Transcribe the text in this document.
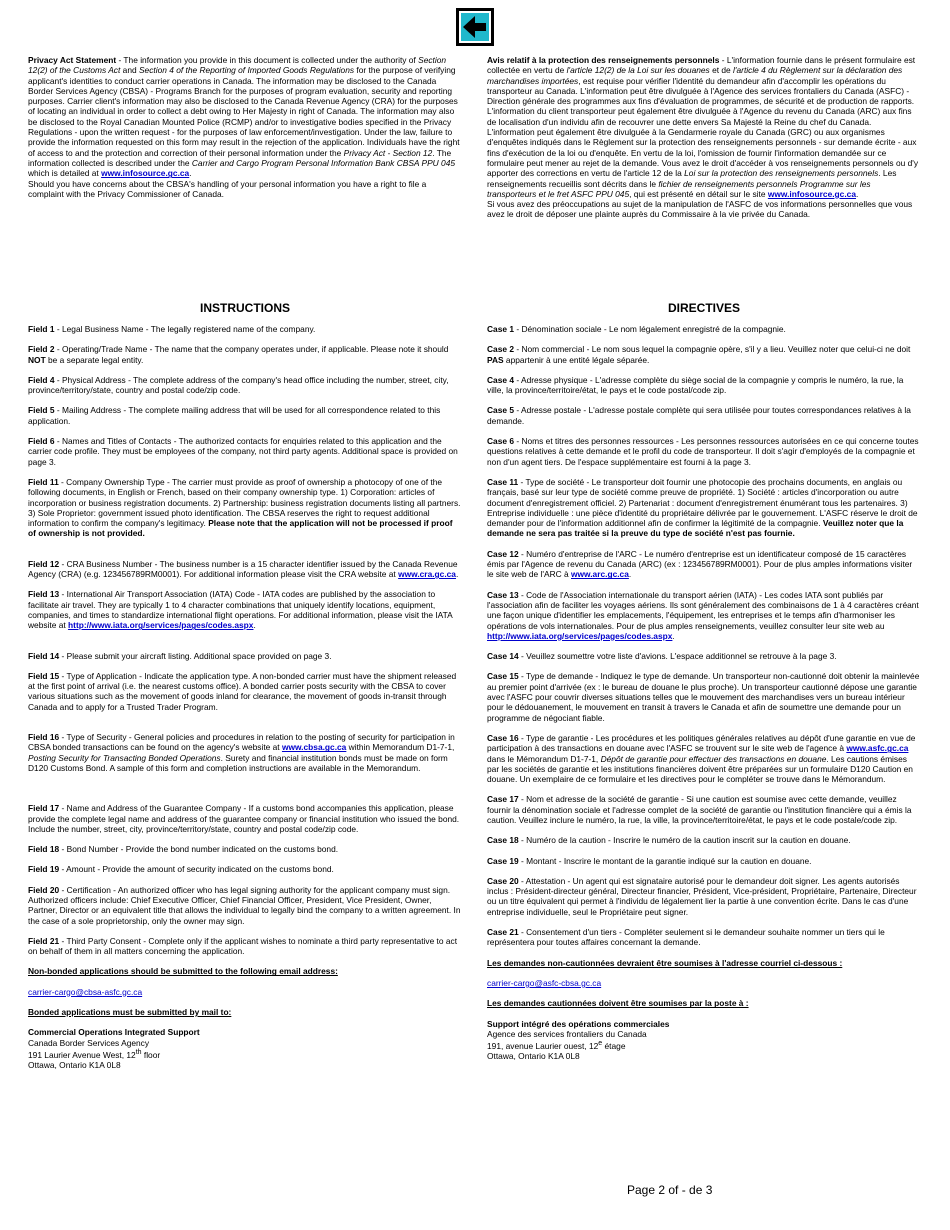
Privacy Act Statement - The information you provide in this document is collected under the authority of Section 12(2) of the Customs Act and Section 4 of the Reporting of Imported Goods Regulations for the purpose of verifying applicant's identities to conduct carrier operations in Canada. The information may be disclosed to the Canada Border Services Agency (CBSA) - Programs Branch for the purposes of program evaluation, security and reporting purposes. Carrier client's information may also be disclosed to the Canada Revenue Agency (CRA) for the purposes of locating an individual in order to collect a debt owing to Her Majesty in right of Canada. The information may also be disclosed to the Royal Canadian Mounted Police (RCMP) and/or to investigative bodies specified in the Privacy Regulations - upon the written request - for the purposes of law enforcement/investigation. Under the law, failure to provide the information requested on this form may result in the rejection of the application. Individuals have the right of access to and the protection and correction of their personal information under the Privacy Act - Section 12. The information collected is described under the Carrier and Cargo Program Personal Information Bank CBSA PPU 045 which is detailed at www.infosource.gc.ca.
Should you have concerns about the CBSA's handling of your personal information you have a right to file a complaint with the Privacy Commissioner of Canada.
Avis relatif à la protection des renseignements personnels - L'information fournie dans le présent formulaire est collectée en vertu de l'article 12(2) de la Loi sur les douanes et de l'article 4 du Règlement sur la déclaration des marchandises importées, est requise pour vérifier l'identité du demandeur afin d'accomplir les opérations du transporteur au Canada. L'information peut être divulguée à l'Agence des services frontaliers du Canada (ASFC) - Direction générale des programmes aux fins d'évaluation de programmes, de sécurité et de production de rapports. L'information du client transporteur peut également être divulguée à l'Agence du revenu du Canada (ARC) aux fins de localisation d'un individu afin de recouvrer une dette envers Sa Majesté la Reine du chef du Canada. L'information peut également être divulguée à la Gendarmerie royale du Canada (GRC) ou aux organismes d'enquêtes indiqués dans le Règlement sur la protection des renseignements personnels - sur demande écrite - aux fins d'exécution de la loi ou d'enquête. En vertu de la loi, l'omission de fournir l'information demandée sur ce formulaire peut mener au rejet de la demande. Vous avez le droit d'accéder à vos renseignements personnels ou d'y apporter des corrections en vertu de l'article 12 de la Loi sur la protection des renseignements personnels. Les renseignements recueillis sont décrits dans le fichier de renseignements personnels Programme sur les transporteurs et le fret ASFC PPU 045, qui est présenté en détail sur le site www.infosource.gc.ca.
Si vous avez des préoccupations au sujet de la manipulation de l'ASFC de vos informations personnelles que vous avez le droit de déposer une plainte auprès du Commissaire à la vie privée du Canada.
INSTRUCTIONS	DIRECTIVES

Field 1 - Legal Business Name - The legally registered name of the company.

Field 2 - Operating/Trade Name - The name that the company operates under, if applicable. Please note it should NOT be a separate legal entity.

Field 4 - Physical Address - The complete address of the company's head office including the number, street, city, province/territory/state, country and postal code/zip code.

Field 5 - Mailing Address - The complete mailing address that will be used for all correspondence related to this application.

Field 6 - Names and Titles of Contacts - The authorized contacts for enquiries related to this application and the carrier code profile. They must be employees of the company, not third party agents. Additional space is provided on page 3.

Field 11 - Company Ownership Type - The carrier must provide as proof of ownership a photocopy of one of the following documents, in English or French, based on their company ownership type. 1) Corporation: articles of incorporation or business registration documents. 2) Partnership: business registration documents listing all partners. 3) Sole Proprietor: government issued photo identification. The CBSA reserves the right to request additional information to confirm the company's legitimacy. Please note that the application will not be processed if proof of ownership is not provided.

Field 12 - CRA Business Number - The business number is a 15 character identifier issued by the Canada Revenue Agency (CRA) (e.g. 123456789RM0001). For additional information please visit the CRA website at www.cra.gc.ca.

Field 13 - International Air Transport Association (IATA) Code - IATA codes are published by the association to facilitate air travel. They are typically 1 to 4 character combinations that uniquely identify locations, equipment, companies, and times to standardize international flight operations. For additional information, please visit the IATA website at http://www.iata.org/services/pages/codes.aspx.

Field 14 - Please submit your aircraft listing. Additional space provided on page 3.

Field 15 - Type of Application - Indicate the application type. A non-bonded carrier must have the shipment released at the first point of arrival (i.e. the nearest customs office). A bonded carrier posts security with the CBSA to cover various situations such as the movement of goods inland for clearance, the movement of goods in-transit through Canada and to apply for a Trusted Trader Program.

Field 16 - Type of Security - General policies and procedures in relation to the posting of security for participation in CBSA bonded transactions can be found on the agency's website at www.cbsa.gc.ca within Memorandum D1-7-1, Posting Security for Transacting Bonded Operations. Surety and financial institution bonds must be made on form D120 Customs Bond. A sample of this form and completion instructions are available in the Memorandum.

Field 17 - Name and Address of the Guarantee Company - If a customs bond accompanies this application, please provide the complete legal name and address of the guarantee company or financial institution who issued the bond. Include the number, street, city, province/territory/state, country and postal code/zip code.

Field 18 - Bond Number - Provide the bond number indicated on the customs bond.

Field 19 - Amount - Provide the amount of security indicated on the customs bond.

Field 20 - Certification - An authorized officer who has legal signing authority for the applicant company must sign. Authorized officers include: Chief Executive Officer, Chief Financial Officer, President, Vice President, Owner, Partner, Director or an equivalent title that allows the individual to legally bind the company to a written agreement. In the case of a sole proprietorship, only the owner may sign.

Field 21 - Third Party Consent - Complete only if the applicant wishes to nominate a third party representative to act on behalf of them in all matters concerning the application.

Non-bonded applications should be submitted to the following email address:

carrier-cargo@cbsa-asfc.gc.ca

Bonded applications must be submitted by mail to:

Commercial Operations Integrated Support
Canada Border Services Agency
191 Laurier Avenue West, 12th floor
Ottawa, Ontario K1A 0L8

Case 1 - Dénomination sociale - Le nom légalement enregistré de la compagnie.

Case 2 - Nom commercial - Le nom sous lequel la compagnie opère, s'il y a lieu. Veuillez noter que celui-ci ne doit PAS appartenir à une entité légale séparée.

Case 4 - Adresse physique - L'adresse complète du siège social de la compagnie y compris le numéro, la rue, la ville, la province/territoire/état, le pays et le code postal/code zip.

Case 5 - Adresse postale - L'adresse postale complète qui sera utilisée pour toutes correspondances relatives à la demande.

Case 6 - Noms et titres des personnes ressources - Les personnes ressources autorisées en ce qui concerne toutes questions relatives à cette demande et le profil du code de transporteur. Il doit s'agir d'employés de la compagnie et non d'un agent tiers. De l'espace supplémentaire est fourni à la page 3.

Case 11 - Type de société - Le transporteur doit fournir une photocopie des prochains documents, en anglais ou français, basé sur leur type de société comme preuve de propriété. 1) Société : articles d'incorporation ou autre document d'enregistrement officiel. 2) Partenariat : document d'enregistrement énumérant tous les partenaires. 3) Entreprise individuelle : une pièce d'identité du propriétaire délivrée par le gouvernement. L'ASFC réserve le droit de demander pour de l'information additionnel afin de confirmer la légitimité de la compagnie. Veuillez noter que la demande ne sera pas traitée si la preuve du type de société n'est pas fournie.

Case 12 - Numéro d'entreprise de l'ARC - Le numéro d'entreprise est un identificateur composé de 15 caractères émis par l'Agence de revenu du Canada (ARC) (ex : 123456789RM0001). Pour de plus amples informations visiter le site web de l'ARC à www.arc.gc.ca.

Case 13 - Code de l'Association internationale du transport aérien (IATA) - Les codes IATA sont publiés par l'association afin de faciliter les voyages aériens. Ils sont généralement des combinaisons de 1 à 4 caractères créant une façon unique d'identifier les emplacements, l'équipement, les entreprises et le temps afin d'harmoniser les opérations de vols internationales. Pour de plus amples renseignements, veuillez consulter leur site web au http://www.iata.org/services/pages/codes.aspx.

Case 14 - Veuillez soumettre votre liste d'avions. L'espace additionnel se retrouve à la page 3.

Case 15 - Type de demande - Indiquez le type de demande. Un transporteur non-cautionné doit obtenir la mainlevée au premier point d'arrivée (ex : le bureau de douane le plus proche). Un transporteur cautionné dépose une garantie avec l'ASFC pour couvrir diverses situations telles que le mouvement des marchandises vers un bureau intérieur pour le dédouanement, le mouvement en transit à travers le Canada et afin de soumettre une demande pour un programme de négociant fiable.

Case 16 - Type de garantie - Les procédures et les politiques générales relatives au dépôt d'une garantie en vue de participation à des transactions en douane avec l'ASFC se trouvent sur le site web de l'agence à www.asfc.gc.ca dans le Mémorandum D1-7-1, Dépôt de garantie pour effectuer des transactions en douane. Les cautions émises par les sociétés de garantie et les institutions financières doivent être préparées sur un formulaire D120 Caution en douane. Un exemplaire de ce formulaire et les directives pour le compléter se trouve dans le Mémorandum.

Case 17 - Nom et adresse de la société de garantie - Si une caution est soumise avec cette demande, veuillez fournir la dénomination sociale et l'adresse complet de la société de garantie ou l'institution financière qui a émis la caution. Veuillez inclure le numéro, la rue, la ville, la province/territoire/état, le pays et le code postale/code zip.

Case 18 - Numéro de la caution - Inscrire le numéro de la caution inscrit sur la caution en douane.

Case 19 - Montant - Inscrire le montant de la garantie indiqué sur la caution en douane.

Case 20 - Attestation - Un agent qui est signataire autorisé pour le demandeur doit signer. Les agents autorisés inclus : Président-directeur général, Directeur financier, Président, Vice-président, Propriétaire, Partenaire, Directeur ou un titre équivalent qui permet à l'individu de légalement lier la partie à une convention écrite. Dans le cas d'une entreprise individuelle, seul le Propriétaire peut signer.

Case 21 - Consentement d'un tiers - Compléter seulement si le demandeur souhaite nommer un tiers qui le représentera pour toutes affaires concernant la demande.

Les demandes non-cautionnées devraient être soumises à l'adresse courriel ci-dessous :

carrier-cargo@asfc-cbsa.gc.ca

Les demandes cautionnées doivent être soumises par la poste à :

Support intégré des opérations commerciales
Agence des services frontaliers du Canada
191, avenue Laurier ouest, 12e étage
Ottawa, Ontario K1A 0L8

Page 2 of - de 3
